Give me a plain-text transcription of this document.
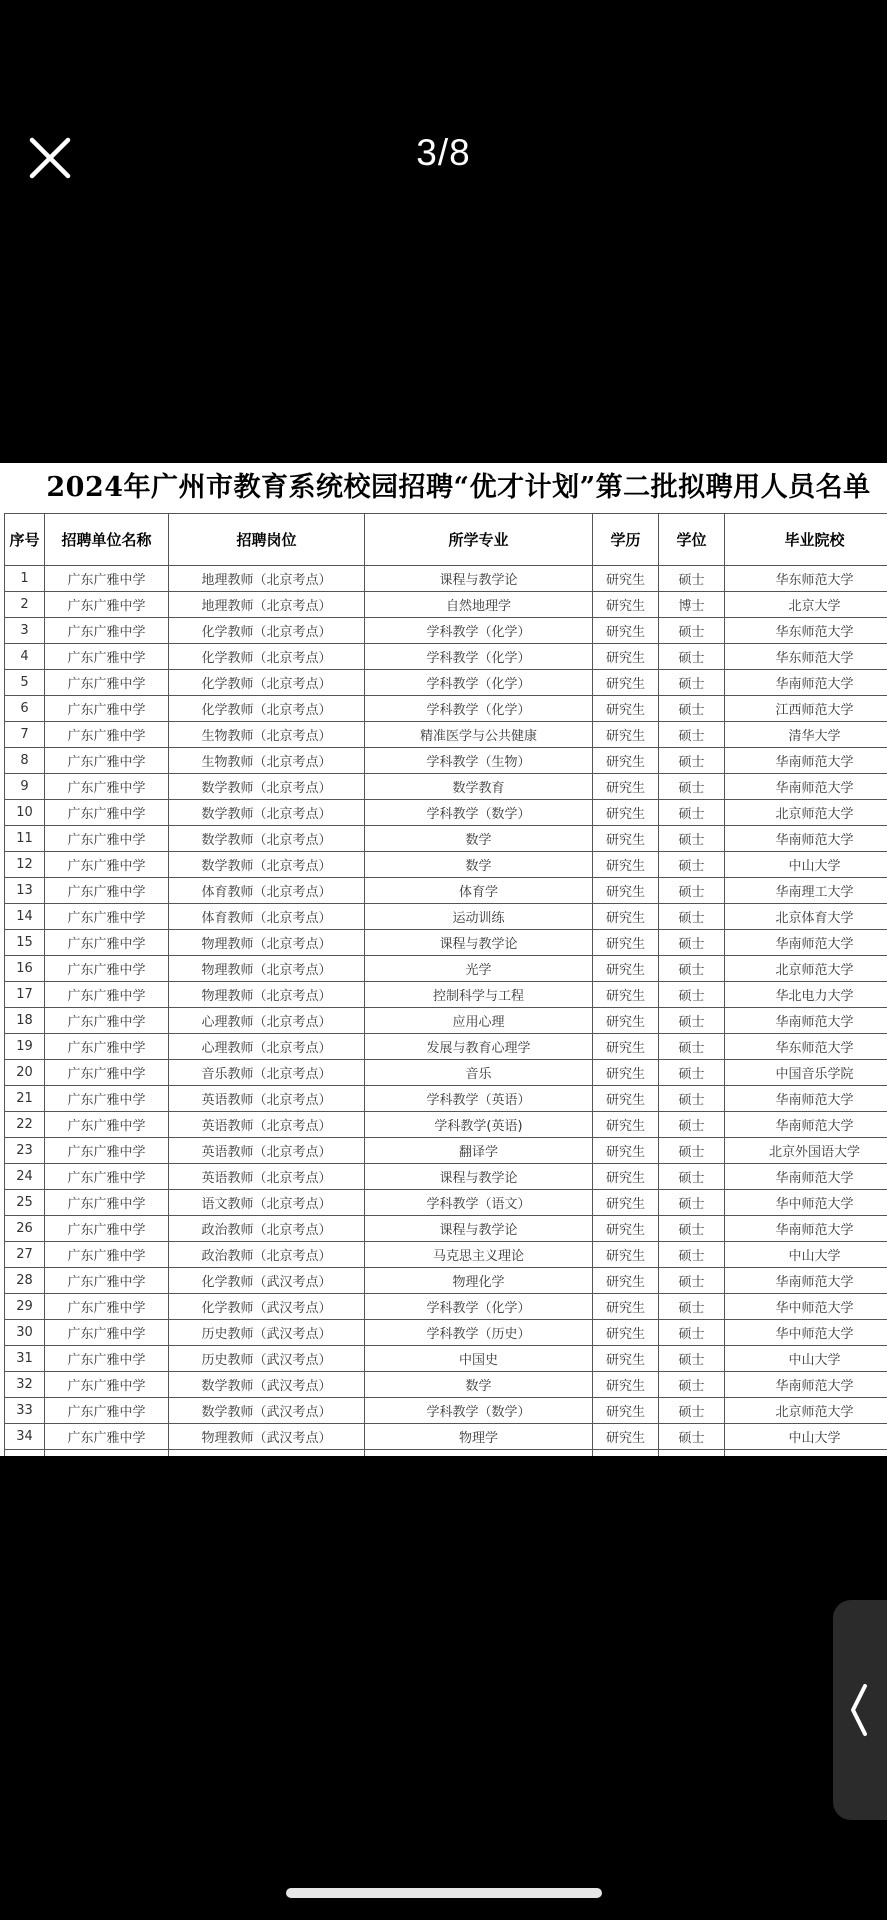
3/8
2024年广州市教育系统校园招聘“优才计划”第二批拟聘用人员名单
序号	招聘单位名称	招聘岗位	所学专业	学历	学位	毕业院校
1	广东广雅中学	地理教师（北京考点）	课程与教学论	研究生	硕士	华东师范大学
2	广东广雅中学	地理教师（北京考点）	自然地理学	研究生	博士	北京大学
3	广东广雅中学	化学教师（北京考点）	学科教学（化学）	研究生	硕士	华东师范大学
4	广东广雅中学	化学教师（北京考点）	学科教学（化学）	研究生	硕士	华东师范大学
5	广东广雅中学	化学教师（北京考点）	学科教学（化学）	研究生	硕士	华南师范大学
6	广东广雅中学	化学教师（北京考点）	学科教学（化学）	研究生	硕士	江西师范大学
7	广东广雅中学	生物教师（北京考点）	精准医学与公共健康	研究生	硕士	清华大学
8	广东广雅中学	生物教师（北京考点）	学科教学（生物）	研究生	硕士	华南师范大学
9	广东广雅中学	数学教师（北京考点）	数学教育	研究生	硕士	华南师范大学
10	广东广雅中学	数学教师（北京考点）	学科教学（数学）	研究生	硕士	北京师范大学
11	广东广雅中学	数学教师（北京考点）	数学	研究生	硕士	华南师范大学
12	广东广雅中学	数学教师（北京考点）	数学	研究生	硕士	中山大学
13	广东广雅中学	体育教师（北京考点）	体育学	研究生	硕士	华南理工大学
14	广东广雅中学	体育教师（北京考点）	运动训练	研究生	硕士	北京体育大学
15	广东广雅中学	物理教师（北京考点）	课程与教学论	研究生	硕士	华南师范大学
16	广东广雅中学	物理教师（北京考点）	光学	研究生	硕士	北京师范大学
17	广东广雅中学	物理教师（北京考点）	控制科学与工程	研究生	硕士	华北电力大学
18	广东广雅中学	心理教师（北京考点）	应用心理	研究生	硕士	华南师范大学
19	广东广雅中学	心理教师（北京考点）	发展与教育心理学	研究生	硕士	华东师范大学
20	广东广雅中学	音乐教师（北京考点）	音乐	研究生	硕士	中国音乐学院
21	广东广雅中学	英语教师（北京考点）	学科教学（英语）	研究生	硕士	华南师范大学
22	广东广雅中学	英语教师（北京考点）	学科教学(英语)	研究生	硕士	华南师范大学
23	广东广雅中学	英语教师（北京考点）	翻译学	研究生	硕士	北京外国语大学
24	广东广雅中学	英语教师（北京考点）	课程与教学论	研究生	硕士	华南师范大学
25	广东广雅中学	语文教师（北京考点）	学科教学（语文）	研究生	硕士	华中师范大学
26	广东广雅中学	政治教师（北京考点）	课程与教学论	研究生	硕士	华南师范大学
27	广东广雅中学	政治教师（北京考点）	马克思主义理论	研究生	硕士	中山大学
28	广东广雅中学	化学教师（武汉考点）	物理化学	研究生	硕士	华南师范大学
29	广东广雅中学	化学教师（武汉考点）	学科教学（化学）	研究生	硕士	华中师范大学
30	广东广雅中学	历史教师（武汉考点）	学科教学（历史）	研究生	硕士	华中师范大学
31	广东广雅中学	历史教师（武汉考点）	中国史	研究生	硕士	中山大学
32	广东广雅中学	数学教师（武汉考点）	数学	研究生	硕士	华南师范大学
33	广东广雅中学	数学教师（武汉考点）	学科教学（数学）	研究生	硕士	北京师范大学
34	广东广雅中学	物理教师（武汉考点）	物理学	研究生	硕士	中山大学
